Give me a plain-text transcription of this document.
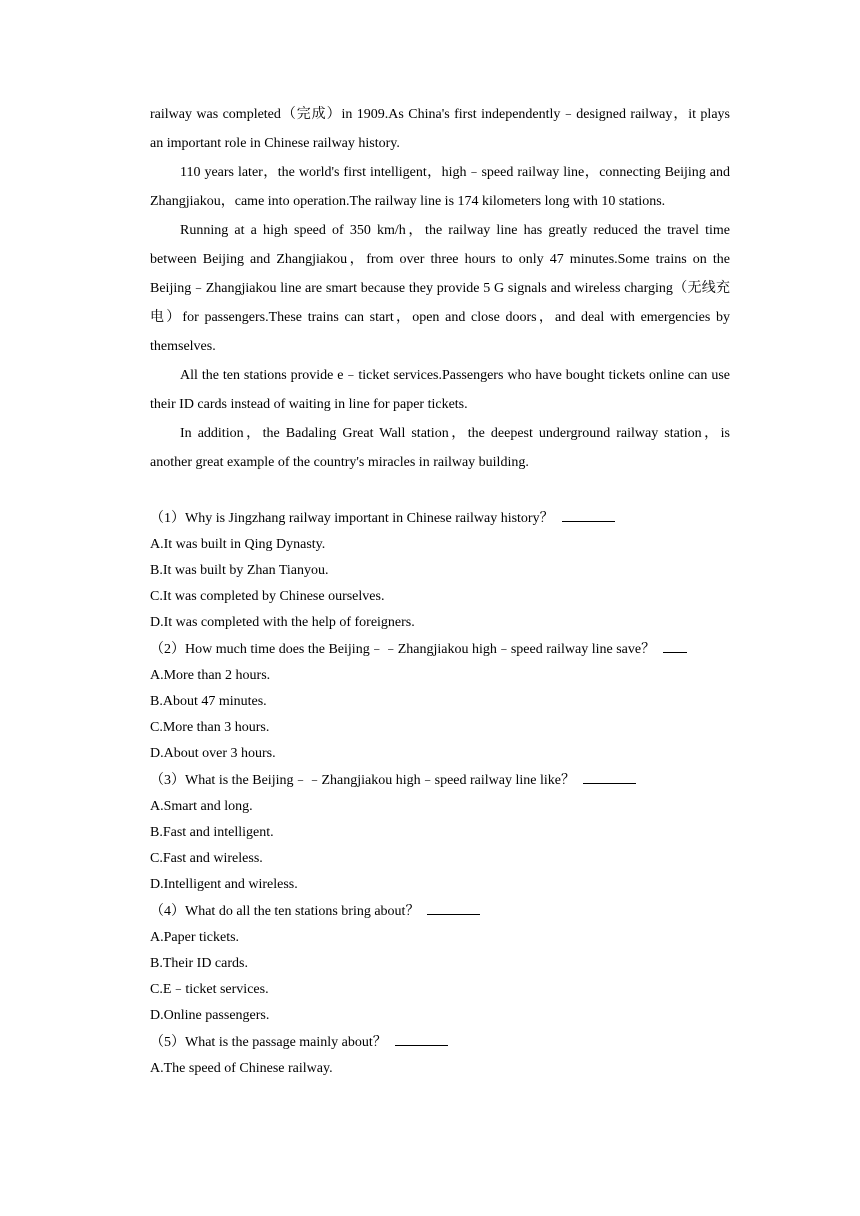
railway was completed（完成）in 1909.As China's first independently﹣designed railway，it plays an important role in Chinese railway history.

110 years later，the world's first intelligent，high﹣speed railway line，connecting Beijing and Zhangjiakou，came into operation.The railway line is 174 kilometers long with 10 stations.

Running at a high speed of 350 km/h，the railway line has greatly reduced the travel time between Beijing and Zhangjiakou，from over three hours to only 47 minutes.Some trains on the Beijing﹣Zhangjiakou line are smart because they provide 5 G signals and wireless charging（无线充电）for passengers.These trains can start，open and close doors，and deal with emergencies by themselves.

All the ten stations provide e﹣ticket services.Passengers who have bought tickets online can use their ID cards instead of waiting in line for paper tickets.

In addition，the Badaling Great Wall station，the deepest underground railway station，is another great example of the country's miracles in railway building.

（1）Why is Jingzhang railway important in Chinese railway history？

A.It was built in Qing Dynasty.

B.It was built by Zhan Tianyou.

C.It was completed by Chinese ourselves.

D.It was completed with the help of foreigners.

（2）How much time does the Beijing﹣﹣Zhangjiakou high﹣speed railway line save？

A.More than 2 hours.

B.About 47 minutes.

C.More than 3 hours.

D.About over 3 hours.

（3）What is the Beijing﹣﹣Zhangjiakou high﹣speed railway line like？

A.Smart and long.

B.Fast and intelligent.

C.Fast and wireless.

D.Intelligent and wireless.

（4）What do all the ten stations bring about？

A.Paper tickets.

B.Their ID cards.

C.E﹣ticket services.

D.Online passengers.

（5）What is the passage mainly about？

A.The speed of Chinese railway.
